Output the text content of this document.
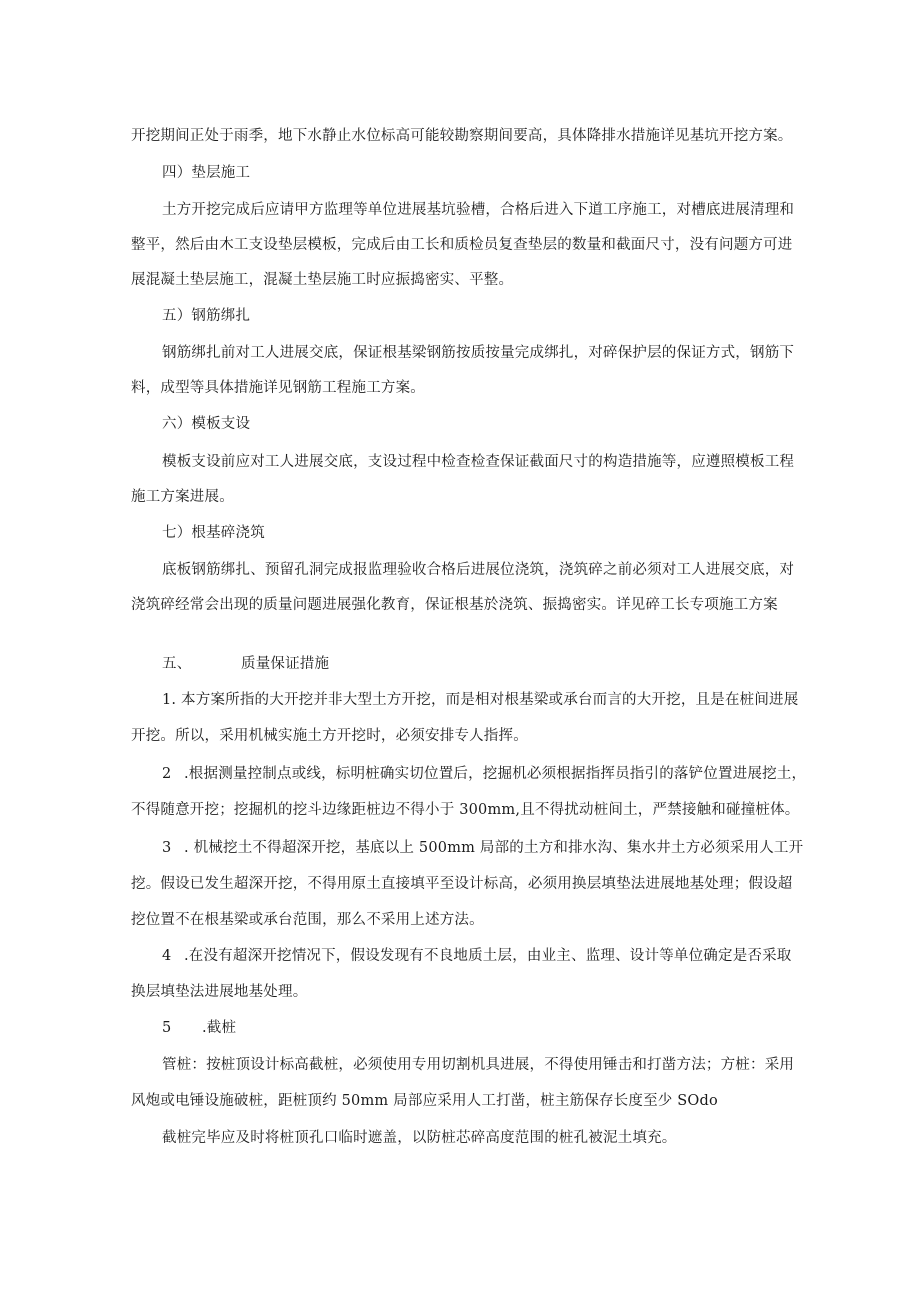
开挖期间正处于雨季，地下水静止水位标高可能较勘察期间要高，具体降排水措施详见基坑开挖方案。
四）垫层施工
土方开挖完成后应请甲方监理等单位进展基坑验槽，合格后进入下道工序施工，对槽底进展清理和
整平，然后由木工支设垫层模板，完成后由工长和质检员复查垫层的数量和截面尺寸，没有问题方可进
展混凝土垫层施工，混凝土垫层施工时应振捣密实、平整。
五）钢筋绑扎
钢筋绑扎前对工人进展交底，保证根基梁钢筋按质按量完成绑扎，对碎保护层的保证方式，钢筋下
料，成型等具体措施详见钢筋工程施工方案。
六）模板支设
模板支设前应对工人进展交底，支设过程中检查检查保证截面尺寸的构造措施等，应遵照模板工程
施工方案进展。
七）根基碎浇筑
底板钢筋绑扎、预留孔洞完成报监理验收合格后进展位浇筑，浇筑碎之前必须对工人进展交底，对
浇筑碎经常会出现的质量问题进展强化教育，保证根基於浇筑、振捣密实。详见碎工长专项施工方案
五、	质量保证措施
1. 本方案所指的大开挖并非大型土方开挖，而是相对根基梁或承台而言的大开挖，且是在桩间进展
开挖。所以，采用机械实施土方开挖时，必须安排专人指挥。
2 .根据测量控制点或线，标明桩确实切位置后，挖掘机必须根据指挥员指引的落铲位置进展挖土，
不得随意开挖；挖掘机的挖斗边缘距桩边不得小于 300mm,且不得扰动桩间土，严禁接触和碰撞桩体。
3 . 机械挖土不得超深开挖，基底以上 500mm 局部的土方和排水沟、集水井土方必须采用人工开
挖。假设已发生超深开挖，不得用原土直接填平至设计标高，必须用换层填垫法进展地基处理；假设超
挖位置不在根基梁或承台范围，那么不采用上述方法。
4 .在没有超深开挖情况下，假设发现有不良地质土层，由业主、监理、设计等单位确定是否采取
换层填垫法进展地基处理。
5 .截桩
管桩：按桩顶设计标高截桩，必须使用专用切割机具进展，不得使用锤击和打凿方法；方桩：采用
风炮或电锤设施破桩，距桩顶约 50mm 局部应采用人工打凿，桩主筋保存长度至少 SOdo
截桩完毕应及时将桩顶孔口临时遮盖，以防桩芯碎高度范围的桩孔被泥土填充。
